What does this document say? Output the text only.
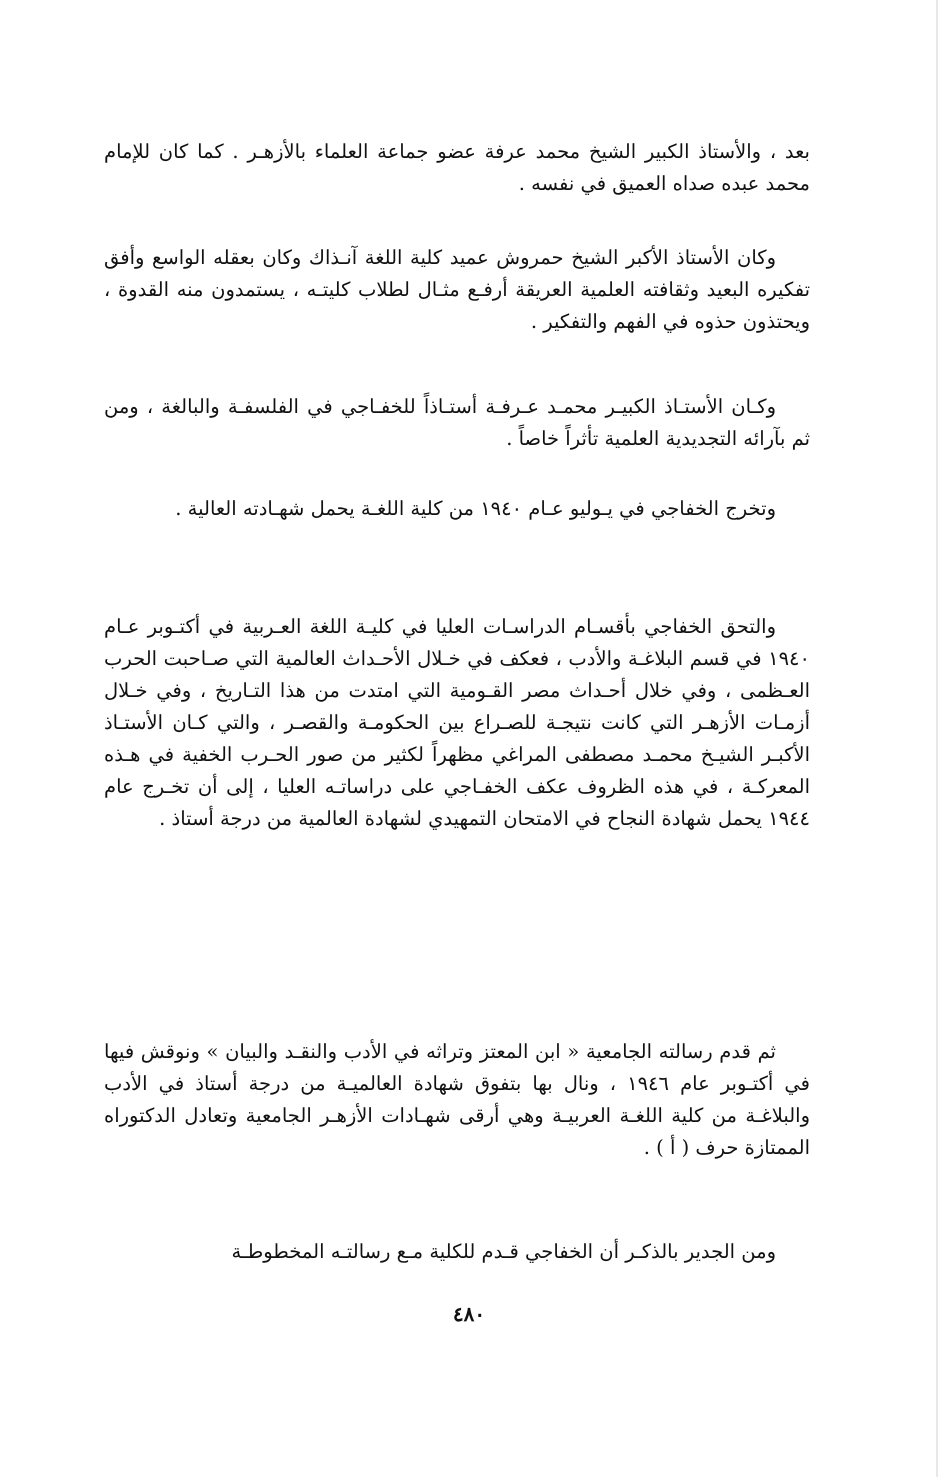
بعد ، والأستاذ الكبير الشيخ محمد عرفة عضو جماعة العلماء بالأزهـر . كما كان للإمام محمد عبده صداه العميق في نفسه .

وكان الأستاذ الأكبر الشيخ حمروش عميد كلية اللغة آنـذاك وكان بعقله الواسع وأفق تفكيره البعيد وثقافته العلمية العريقة أرفـع مثـال لطلاب كليتـه ، يستمدون منه القدوة ، ويحتذون حذوه في الفهم والتفكير .

وكـان الأستـاذ الكبيـر محمـد عـرفـة أستـاذاً للخفـاجي في الفلسفـة والبالغة ، ومن ثم بآرائه التجديدية العلمية تأثراً خاصاً .

وتخرج الخفاجي في يـوليو عـام ١٩٤٠ من كلية اللغـة يحمل شهـادته العالية .

والتحق الخفاجي بأقسـام الدراسـات العليا في كليـة اللغة العـربية في أكتـوبر عـام ١٩٤٠ في قسم البلاغـة والأدب ، فعكف في خـلال الأحـداث العالمية التي صـاحبت الحرب العـظمى ، وفي خلال أحـداث مصر القـومية التي امتدت من هذا التـاريخ ، وفي خـلال أزمـات الأزهـر التي كانت نتيجـة للصـراع بين الحكومـة والقصـر ، والتي كـان الأستـاذ الأكبـر الشيـخ محمـد مصطفى المراغي مظهراً لكثير من صور الحـرب الخفية في هـذه المعركـة ، في هذه الظروف عكف الخفـاجي على دراساتـه العليا ، إلى أن تخـرج عام ١٩٤٤ يحمل شهادة النجاح في الامتحان التمهيدي لشهادة العالمية من درجة أستاذ .

ثم قدم رسالته الجامعية « ابن المعتز وتراثه في الأدب والنقـد والبيان » ونوقش فيها في أكتـوبر عام ١٩٤٦ ، ونال بها بتفوق شهادة العالميـة من درجة أستاذ في الأدب والبلاغـة من كلية اللغـة العربيـة وهي أرقى شهـادات الأزهـر الجامعية وتعادل الدكتوراه الممتازة حرف ( أ ) .

ومن الجدير بالذكـر أن الخفاجي قـدم للكلية مـع رسالتـه المخطوطـة

٤٨٠
